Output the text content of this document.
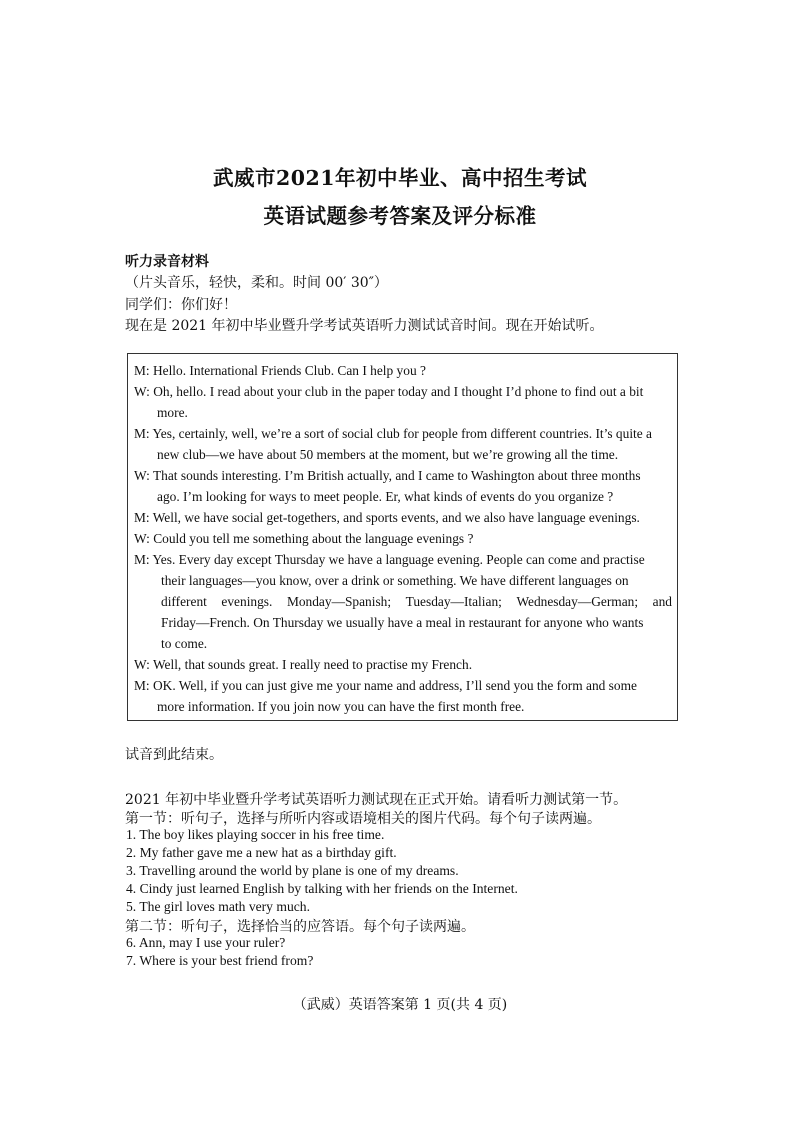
武威市2021年初中毕业、高中招生考试
英语试题参考答案及评分标准
听力录音材料
（片头音乐，轻快，柔和。时间 00′ 30″）
同学们：你们好！
现在是 2021 年初中毕业暨升学考试英语听力测试试音时间。现在开始试听。
M: Hello. International Friends Club. Can I help you ?
W: Oh, hello. I read about your club in the paper today and I thought I’d phone to find out a bit
more.
M: Yes, certainly, well, we’re a sort of social club for people from different countries. It’s quite a
new club—we have about 50 members at the moment, but we’re growing all the time.
W: That sounds interesting. I’m British actually, and I came to Washington about three months
ago. I’m looking for ways to meet people. Er, what kinds of events do you organize ?
M: Well, we have social get-togethers, and sports events, and we also have language evenings.
W: Could you tell me something about the language evenings ?
M: Yes. Every day except Thursday we have a language evening. People can come and practise
their languages—you know, over a drink or something. We have different languages on
different evenings. Monday—Spanish; Tuesday—Italian; Wednesday—German; and
Friday—French. On Thursday we usually have a meal in restaurant for anyone who wants
to come.
W: Well, that sounds great. I really need to practise my French.
M: OK. Well, if you can just give me your name and address, I’ll send you the form and some
more information. If you join now you can have the first month free.
试音到此结束。
2021 年初中毕业暨升学考试英语听力测试现在正式开始。请看听力测试第一节。
第一节：听句子，选择与所听内容或语境相关的图片代码。每个句子读两遍。
1. The boy likes playing soccer in his free time.
2. My father gave me a new hat as a birthday gift.
3. Travelling around the world by plane is one of my dreams.
4. Cindy just learned English by talking with her friends on the Internet.
5. The girl loves math very much.
第二节：听句子，选择恰当的应答语。每个句子读两遍。
6. Ann, may I use your ruler?
7. Where is your best friend from?
（武威）英语答案第 1 页(共 4 页)
